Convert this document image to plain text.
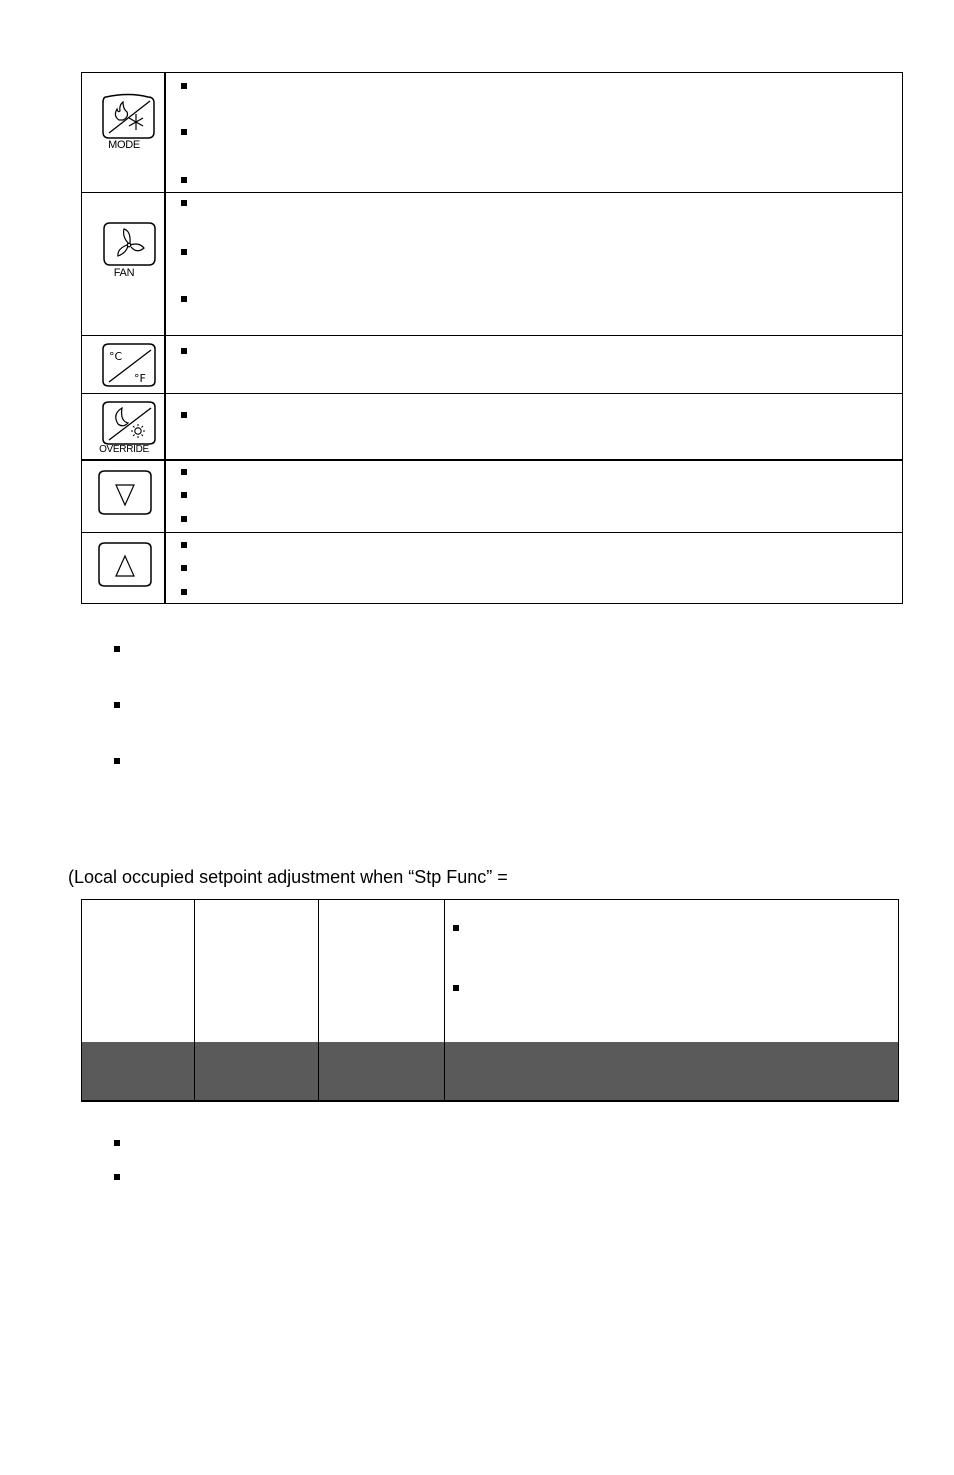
MODE
FAN
°C
°F
OVERRIDE
(Local occupied setpoint adjustment when “Stp Func” =
